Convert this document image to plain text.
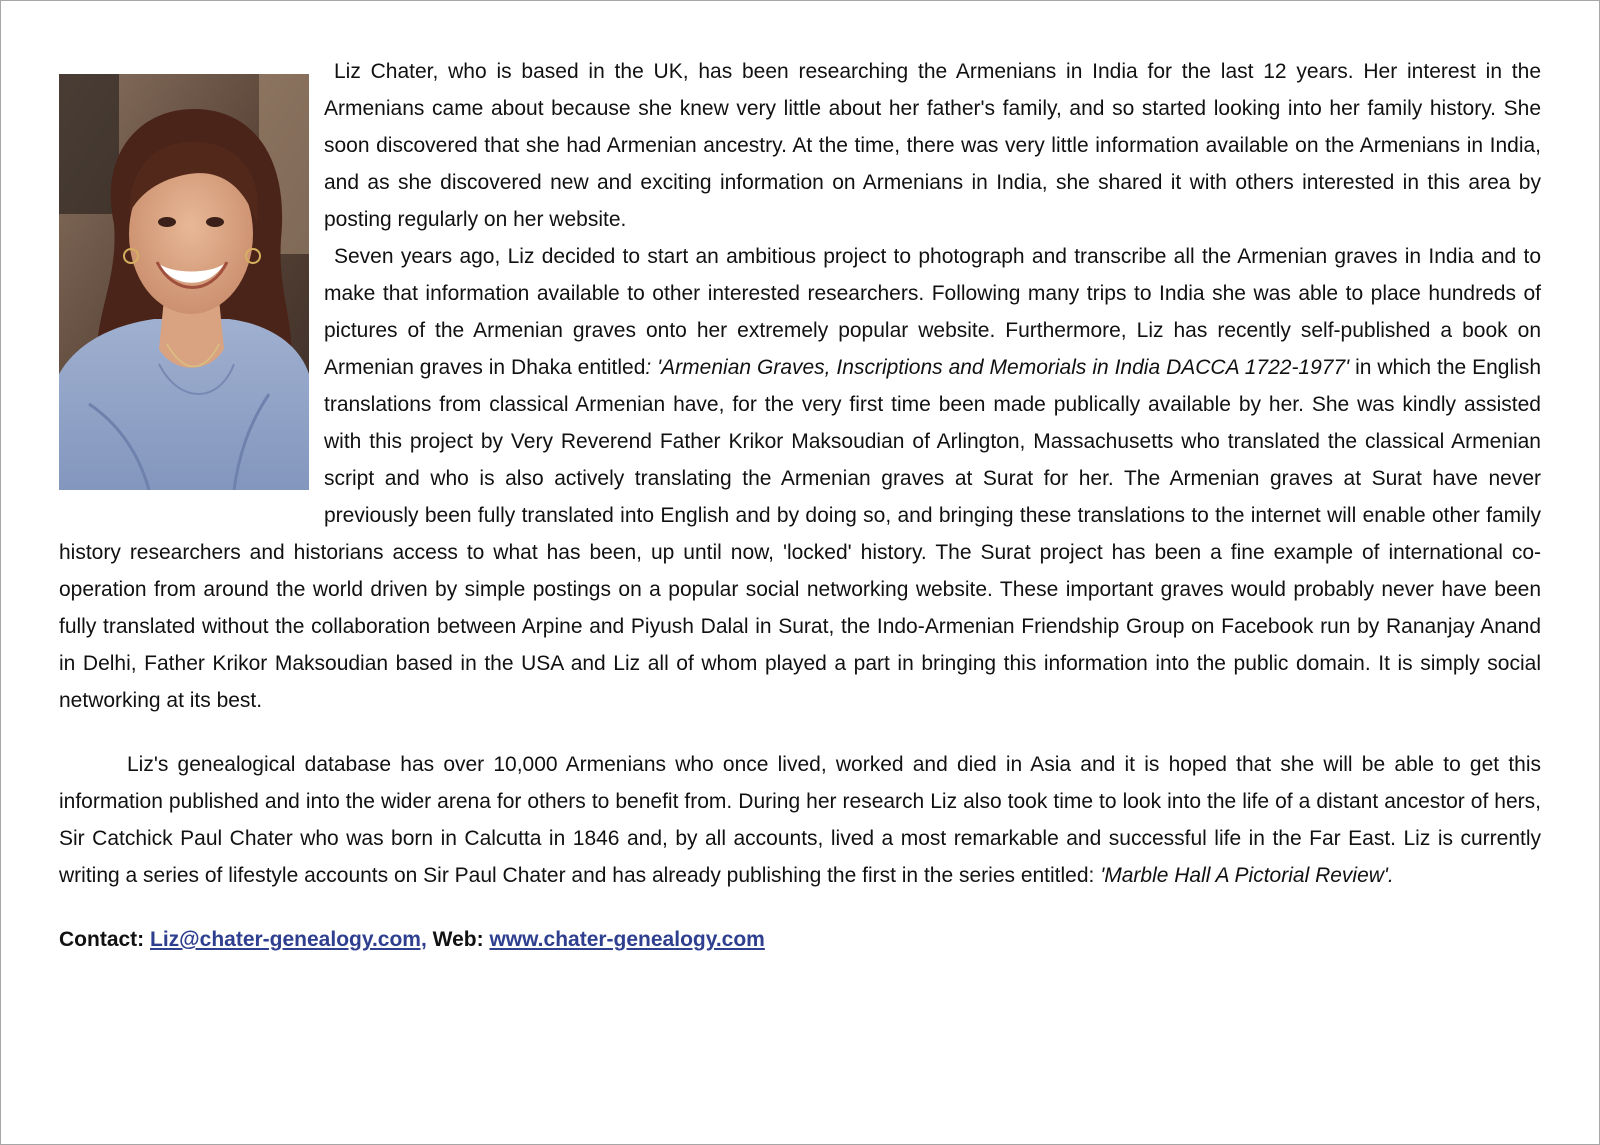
Liz Chater, who is based in the UK, has been researching the Armenians in India for the last 12 years. Her interest in the Armenians came about because she knew very little about her father's family, and so started looking into her family history. She soon discovered that she had Armenian ancestry. At the time, there was very little information available on the Armenians in India, and as she discovered new and exciting information on Armenians in India, she shared it with others interested in this area by posting regularly on her website.

Seven years ago, Liz decided to start an ambitious project to photograph and transcribe all the Armenian graves in India and to make that information available to other interested researchers. Following many trips to India she was able to place hundreds of pictures of the Armenian graves onto her extremely popular website. Furthermore, Liz has recently self-published a book on Armenian graves in Dhaka entitled: 'Armenian Graves, Inscriptions and Memorials in India DACCA 1722-1977' in which the English translations from classical Armenian have, for the very first time been made publically available by her. She was kindly assisted with this project by Very Reverend Father Krikor Maksoudian of Arlington, Massachusetts who translated the classical Armenian script and who is also actively translating the Armenian graves at Surat for her. The Armenian graves at Surat have never previously been fully translated into English and by doing so, and bringing these translations to the internet will enable other family history researchers and historians access to what has been, up until now, 'locked' history. The Surat project has been a fine example of international co-operation from around the world driven by simple postings on a popular social networking website. These important graves would probably never have been fully translated without the collaboration between Arpine and Piyush Dalal in Surat, the Indo-Armenian Friendship Group on Facebook run by Rananjay Anand in Delhi, Father Krikor Maksoudian based in the USA and Liz all of whom played a part in bringing this information into the public domain. It is simply social networking at its best.

Liz's genealogical database has over 10,000 Armenians who once lived, worked and died in Asia and it is hoped that she will be able to get this information published and into the wider arena for others to benefit from. During her research Liz also took time to look into the life of a distant ancestor of hers, Sir Catchick Paul Chater who was born in Calcutta in 1846 and, by all accounts, lived a most remarkable and successful life in the Far East. Liz is currently writing a series of lifestyle accounts on Sir Paul Chater and has already publishing the first in the series entitled: 'Marble Hall A Pictorial Review'.

Contact: Liz@chater-genealogy.com, Web: www.chater-genealogy.com
